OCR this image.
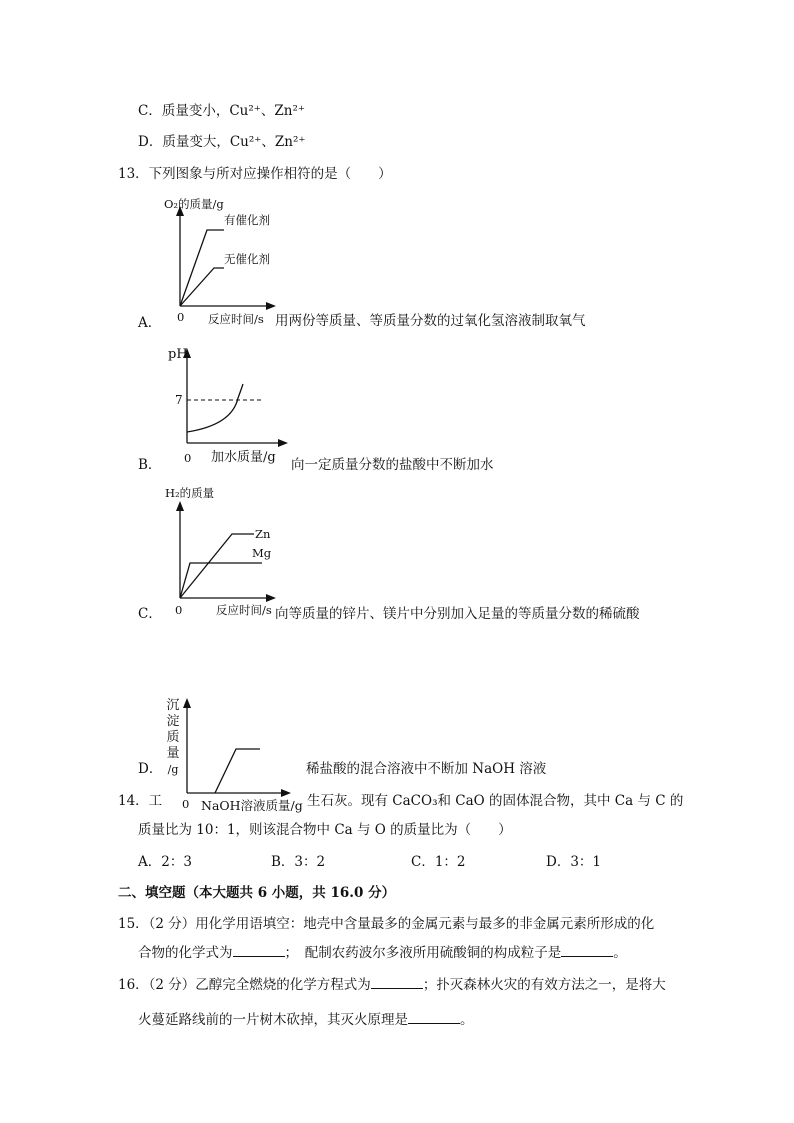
C．质量变小，Cu²⁺、Zn²⁺
D．质量变大，Cu²⁺、Zn²⁺
13．下列图象与所对应操作相符的是（　　）
O₂的质量/g
有催化剂
无催化剂
0 反应时间/s
A．	用两份等质量、等质量分数的过氧化氢溶液制取氧气
pH
7
0 加水质量/g
B．	向一定质量分数的盐酸中不断加水
H₂的质量
Zn
Mg
0	反应时间/s
C．	向等质量的锌片、镁片中分别加入足量的等质量分数的稀硫酸
沉
淀
质
量
/g
0 NaOH溶液质量/g
D．	稀盐酸的混合溶液中不断加 NaOH 溶液
14．工	生石灰。现有 CaCO₃和 CaO 的固体混合物，其中 Ca 与 C 的
质量比为 10：1，则该混合物中 Ca 与 O 的质量比为（　　）
A．2：3	B．3：2	C．1：2	D．3：1
二、填空题（本大题共 6 小题，共 16.0 分）
15．（2 分）用化学用语填空：地壳中含量最多的金属元素与最多的非金属元素所形成的化
合物的化学式为	；　配制农药波尔多液所用硫酸铜的构成粒子是	。
16．（2 分）乙醇完全燃烧的化学方程式为	；扑灭森林火灾的有效方法之一，是将大
火蔓延路线前的一片树木砍掉，其灭火原理是	。
